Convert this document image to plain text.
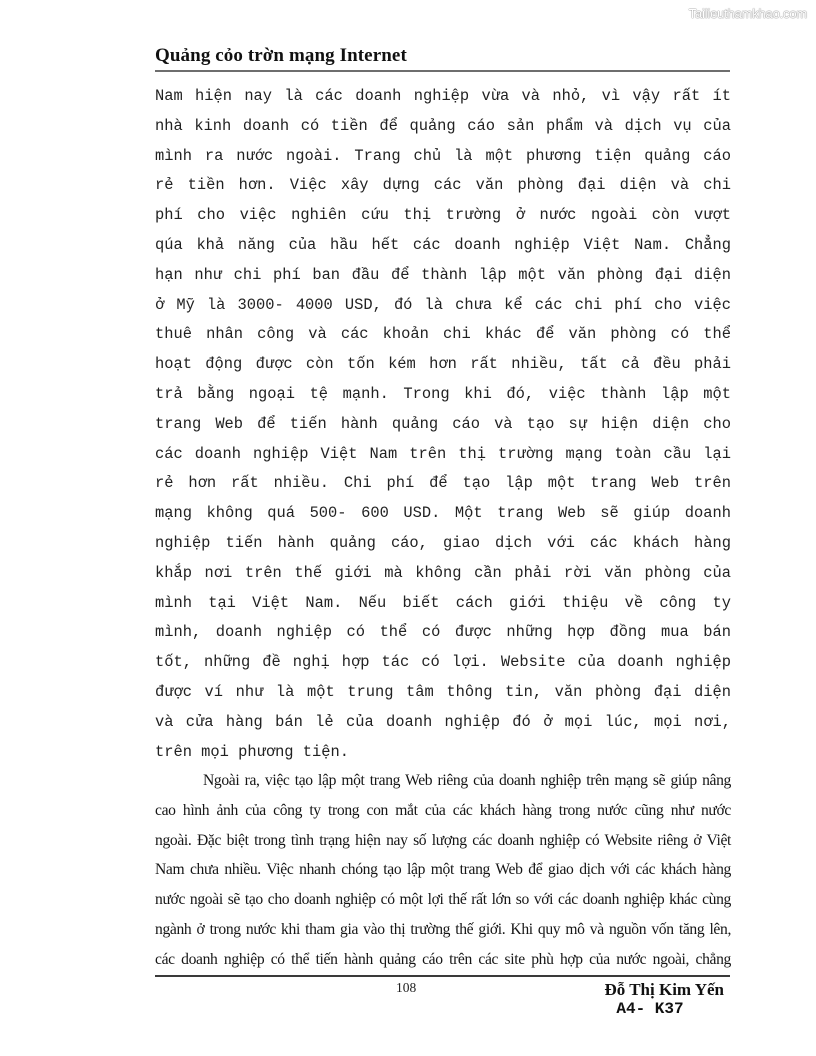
Tailieuthamkhao.com
Quảng cỏo trờn mạng Internet
Nam hiện nay là các doanh nghiệp vừa và nhỏ, vì vậy rất ít
nhà kinh doanh có tiền để quảng cáo sản phẩm và dịch vụ của
mình ra nước ngoài. Trang chủ là một phương tiện quảng cáo
rẻ tiền hơn. Việc xây dựng các văn phòng đại diện và chi
phí cho việc nghiên cứu thị trường ở nước ngoài còn vượt
qúa khả năng của hầu hết các doanh nghiệp Việt Nam. Chẳng
hạn như chi phí ban đầu để thành lập một văn phòng đại diện
ở Mỹ là 3000- 4000 USD, đó là chưa kể các chi phí cho việc
thuê nhân công và các khoản chi khác để văn phòng có thể
hoạt động được còn tốn kém hơn rất nhiều, tất cả đều phải
trả bằng ngoại tệ mạnh. Trong khi đó, việc thành lập một
trang Web để tiến hành quảng cáo và tạo sự hiện diện cho
các doanh nghiệp Việt Nam trên thị trường mạng toàn cầu lại
rẻ hơn rất nhiều. Chi phí để tạo lập một trang Web trên
mạng không quá 500- 600 USD. Một trang Web sẽ giúp doanh
nghiệp tiến hành quảng cáo, giao dịch với các khách hàng
khắp nơi trên thế giới mà không cần phải rời văn phòng của
mình tại Việt Nam. Nếu biết cách giới thiệu về công ty
mình, doanh nghiệp có thể có được những hợp đồng mua bán
tốt, những đề nghị hợp tác có lợi. Website của doanh nghiệp
được ví như là một trung tâm thông tin, văn phòng đại diện
và cửa hàng bán lẻ của doanh nghiệp đó ở mọi lúc, mọi nơi,
trên mọi phương tiện.
Ngoài ra, việc tạo lập một trang Web riêng của doanh nghiệp trên mạng sẽ giúp nâng
cao hình ảnh của công ty trong con mắt của các khách hàng trong nước cũng như nước
ngoài. Đặc biệt trong tình trạng hiện nay số lượng các doanh nghiệp có Website riêng ở Việt
Nam chưa nhiều. Việc nhanh chóng tạo lập một trang Web để giao dịch với các khách hàng
nước ngoài sẽ tạo cho doanh nghiệp có một lợi thế rất lớn so với các doanh nghiệp khác cùng
ngành ở trong nước khi tham gia vào thị trường thế giới. Khi quy mô và nguồn vốn tăng lên,
các doanh nghiệp có thể tiến hành quảng cáo trên các site phù hợp của nước ngoài, chẳng
108	Đỗ Thị Kim Yến
A4- K37
